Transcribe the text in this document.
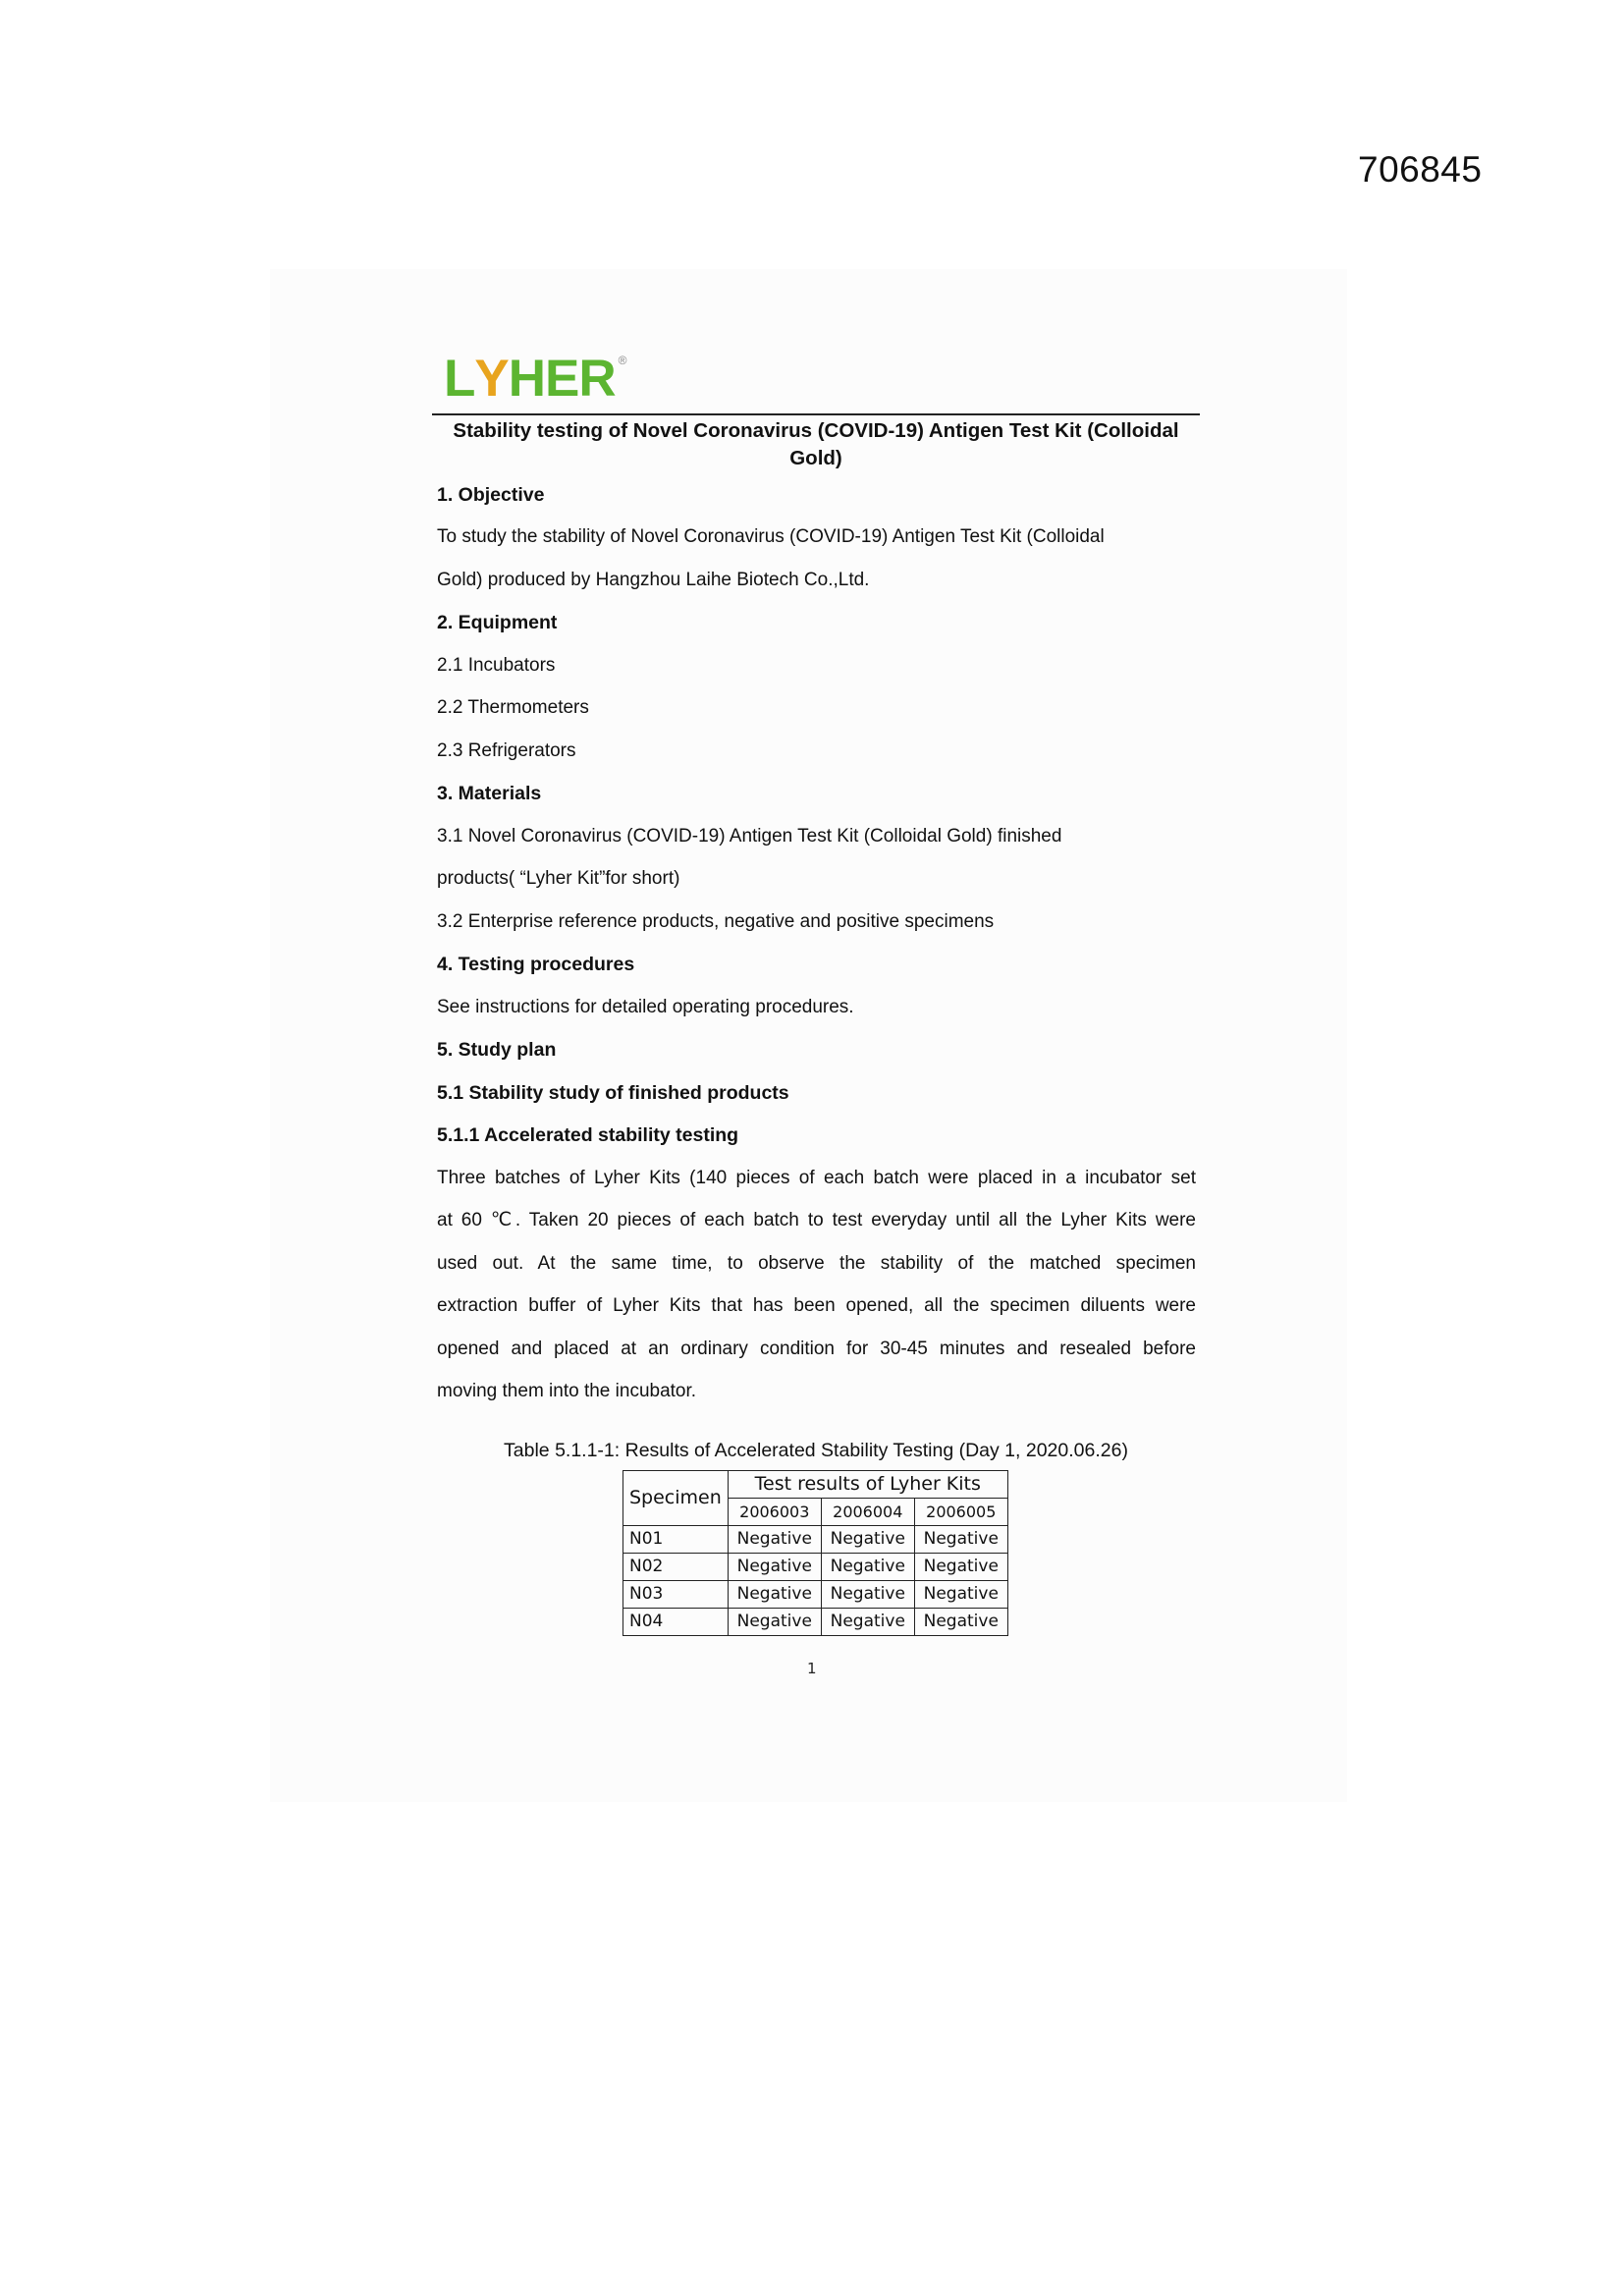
706845
L Y HER ®
Stability testing of Novel Coronavirus (COVID-19) Antigen Test Kit (Colloidal Gold)
1. Objective
To study the stability of Novel Coronavirus (COVID-19) Antigen Test Kit (Colloidal
Gold) produced by Hangzhou Laihe Biotech Co.,Ltd.
2. Equipment
2.1 Incubators
2.2 Thermometers
2.3 Refrigerators
3. Materials
3.1 Novel Coronavirus (COVID-19) Antigen Test Kit (Colloidal Gold) finished
products( “Lyher Kit”for short)
3.2 Enterprise reference products, negative and positive specimens
4. Testing procedures
See instructions for detailed operating procedures.
5. Study plan
5.1 Stability study of finished products
5.1.1 Accelerated stability testing
Three batches of Lyher Kits (140 pieces of each batch were placed in a incubator set
at 60 ℃. Taken 20 pieces of each batch to test everyday until all the Lyher Kits were
used out. At the same time, to observe the stability of the matched specimen
extraction buffer of Lyher Kits that has been opened, all the specimen diluents were
opened and placed at an ordinary condition for 30-45 minutes and resealed before
moving them into the incubator.
Table 5.1.1-1: Results of Accelerated Stability Testing (Day 1, 2020.06.26)
Specimen	Test results of Lyher Kits		
	2006003	2006004	2006005
N01	Negative	Negative	Negative
N02	Negative	Negative	Negative
N03	Negative	Negative	Negative
N04	Negative	Negative	Negative
1
